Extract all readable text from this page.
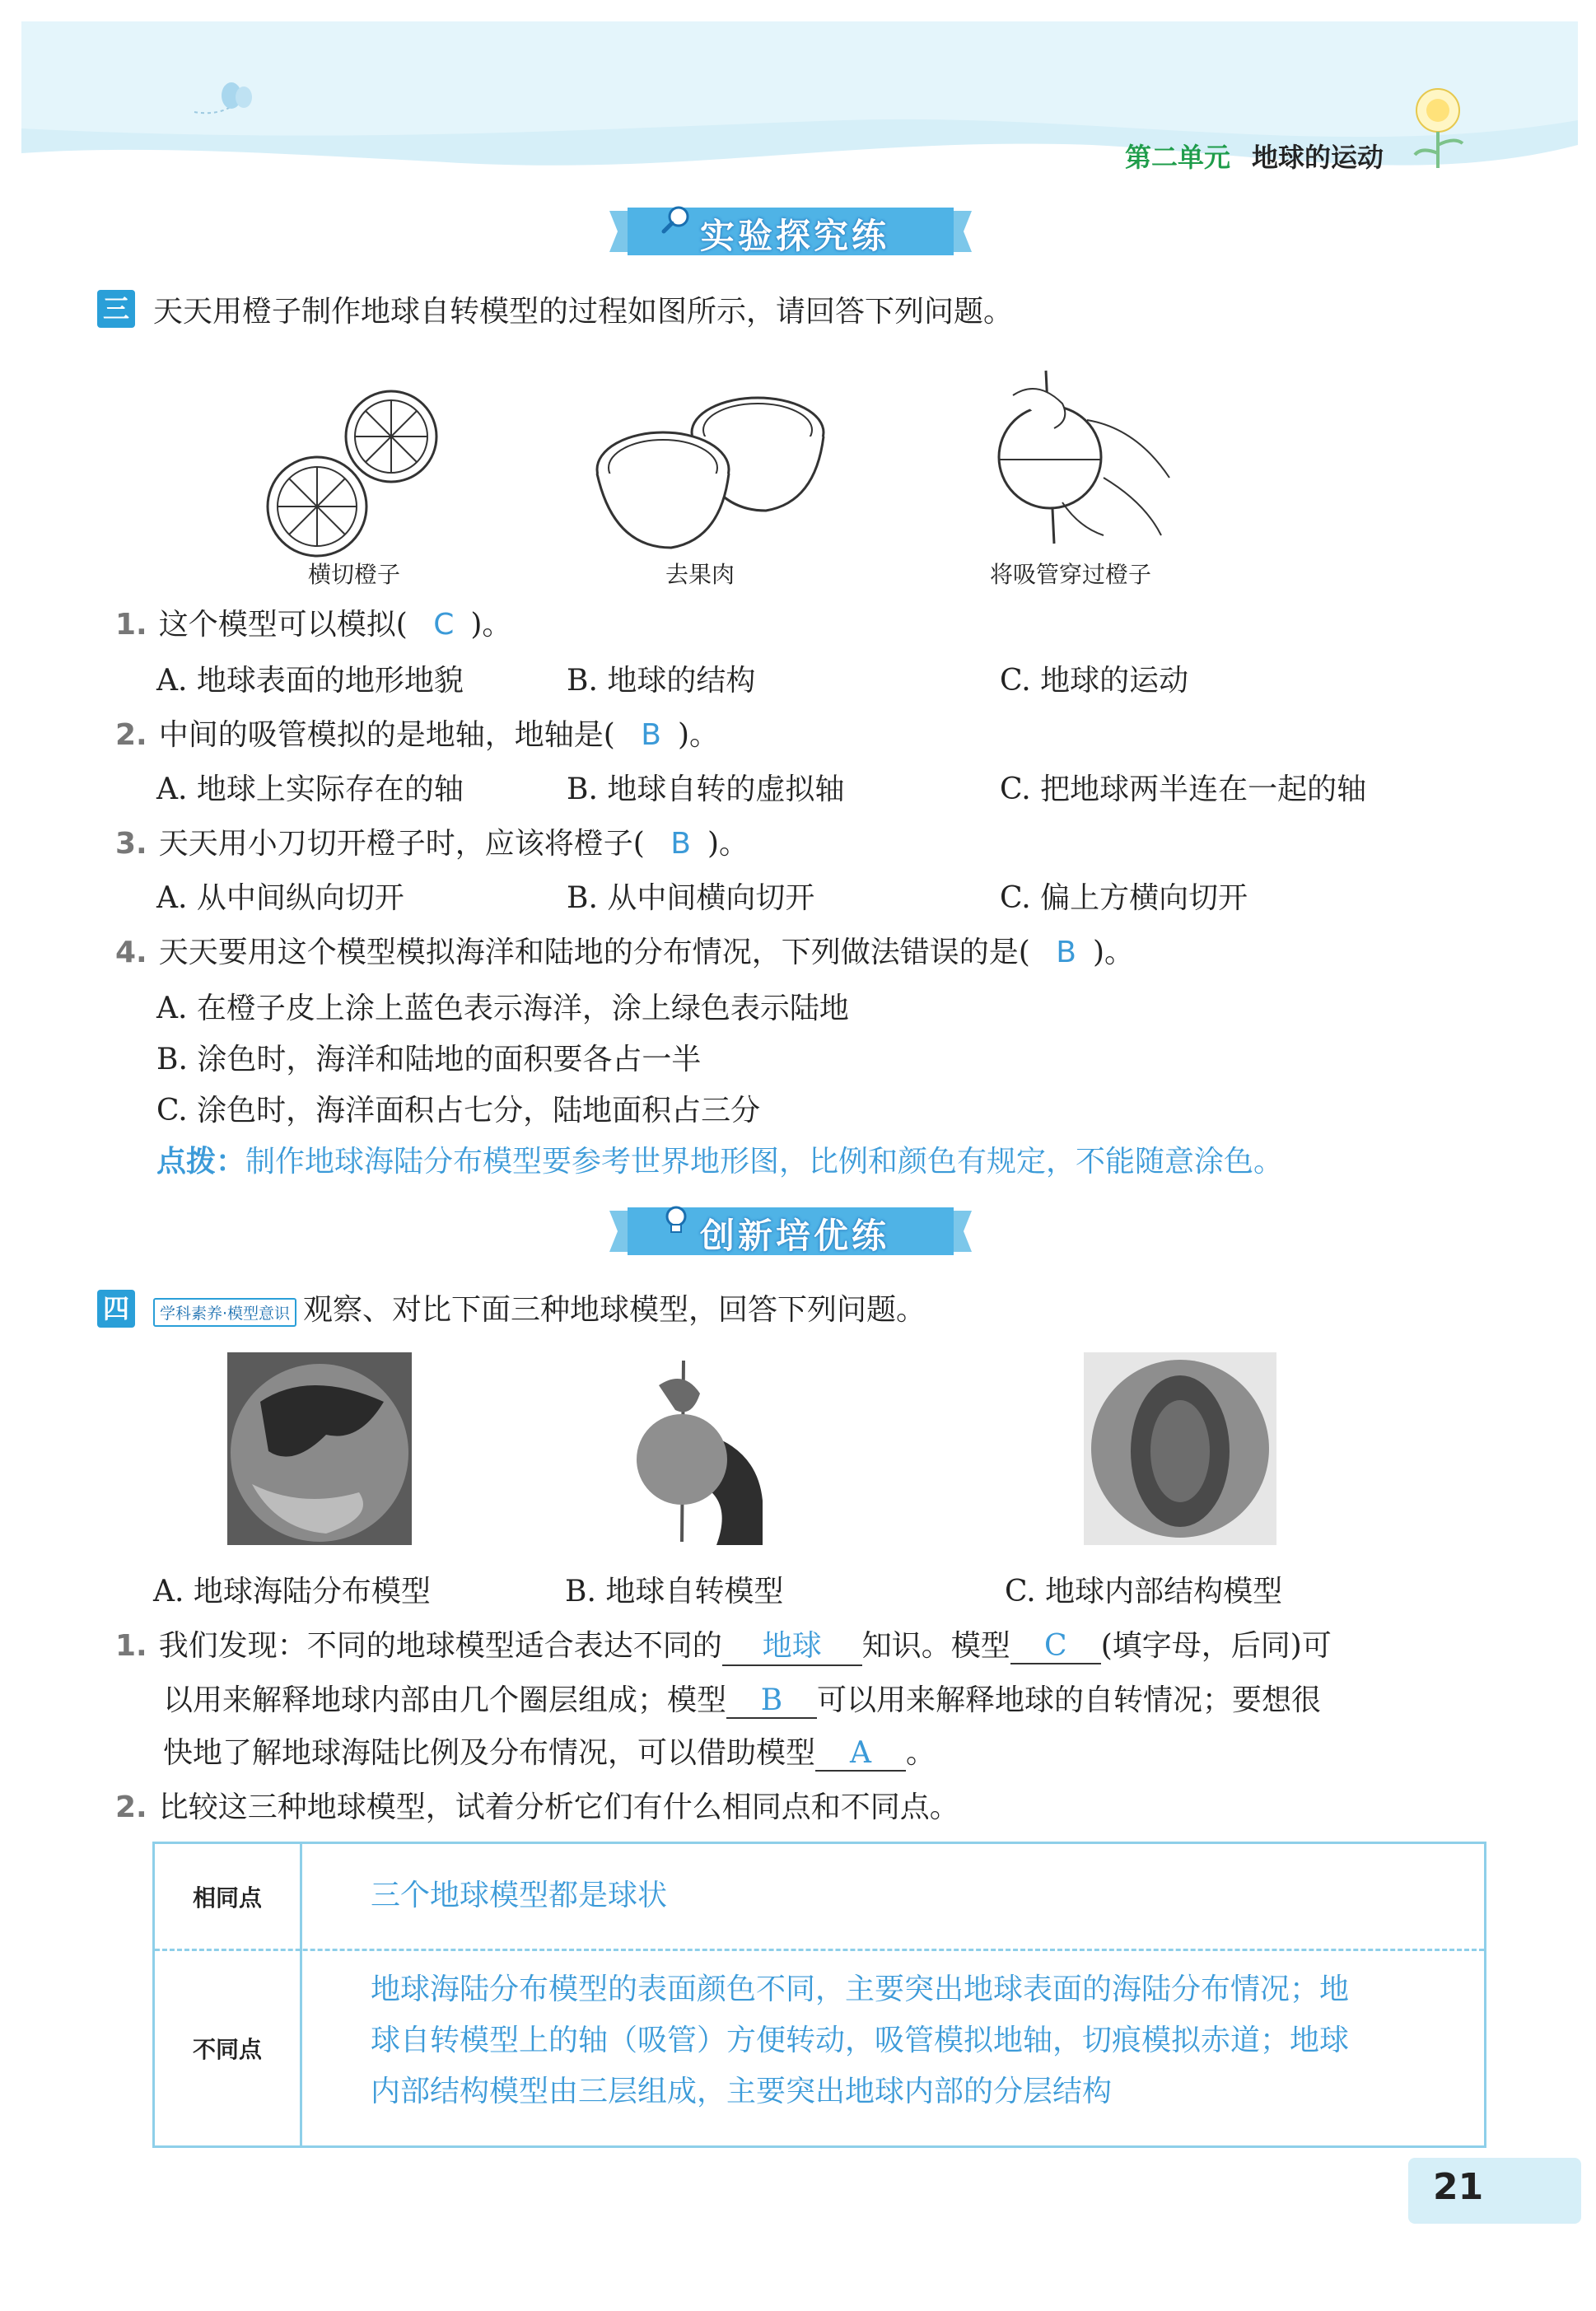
第二单元 地球的运动
实验探究练
三 天天用橙子制作地球自转模型的过程如图所示，请回答下列问题。
横切橙子	去果肉	将吸管穿过橙子
1. 这个模型可以模拟( C )。
A. 地球表面的地形地貌	B. 地球的结构	C. 地球的运动
2. 中间的吸管模拟的是地轴，地轴是( B )。
A. 地球上实际存在的轴	B. 地球自转的虚拟轴	C. 把地球两半连在一起的轴
3. 天天用小刀切开橙子时，应该将橙子( B )。
A. 从中间纵向切开	B. 从中间横向切开	C. 偏上方横向切开
4. 天天要用这个模型模拟海洋和陆地的分布情况，下列做法错误的是( B )。
A. 在橙子皮上涂上蓝色表示海洋，涂上绿色表示陆地
B. 涂色时，海洋和陆地的面积要各占一半
C. 涂色时，海洋面积占七分，陆地面积占三分
点拨：制作地球海陆分布模型要参考世界地形图，比例和颜色有规定，不能随意涂色。
创新培优练
四	学科素养·模型意识 观察、对比下面三种地球模型，回答下列问题。
A. 地球海陆分布模型	B. 地球自转模型	C. 地球内部结构模型
1. 我们发现：不同的地球模型适合表达不同的 地球 知识。模型 C (填字母，后同)可
以用来解释地球内部由几个圈层组成；模型 B 可以用来解释地球的自转情况；要想很
快地了解地球海陆比例及分布情况，可以借助模型 A 。
2. 比较这三种地球模型，试着分析它们有什么相同点和不同点。
相同点	三个地球模型都是球状
不同点
地球海陆分布模型的表面颜色不同，主要突出地球表面的海陆分布情况；地
球自转模型上的轴（吸管）方便转动，吸管模拟地轴，切痕模拟赤道；地球
内部结构模型由三层组成，主要突出地球内部的分层结构
21
